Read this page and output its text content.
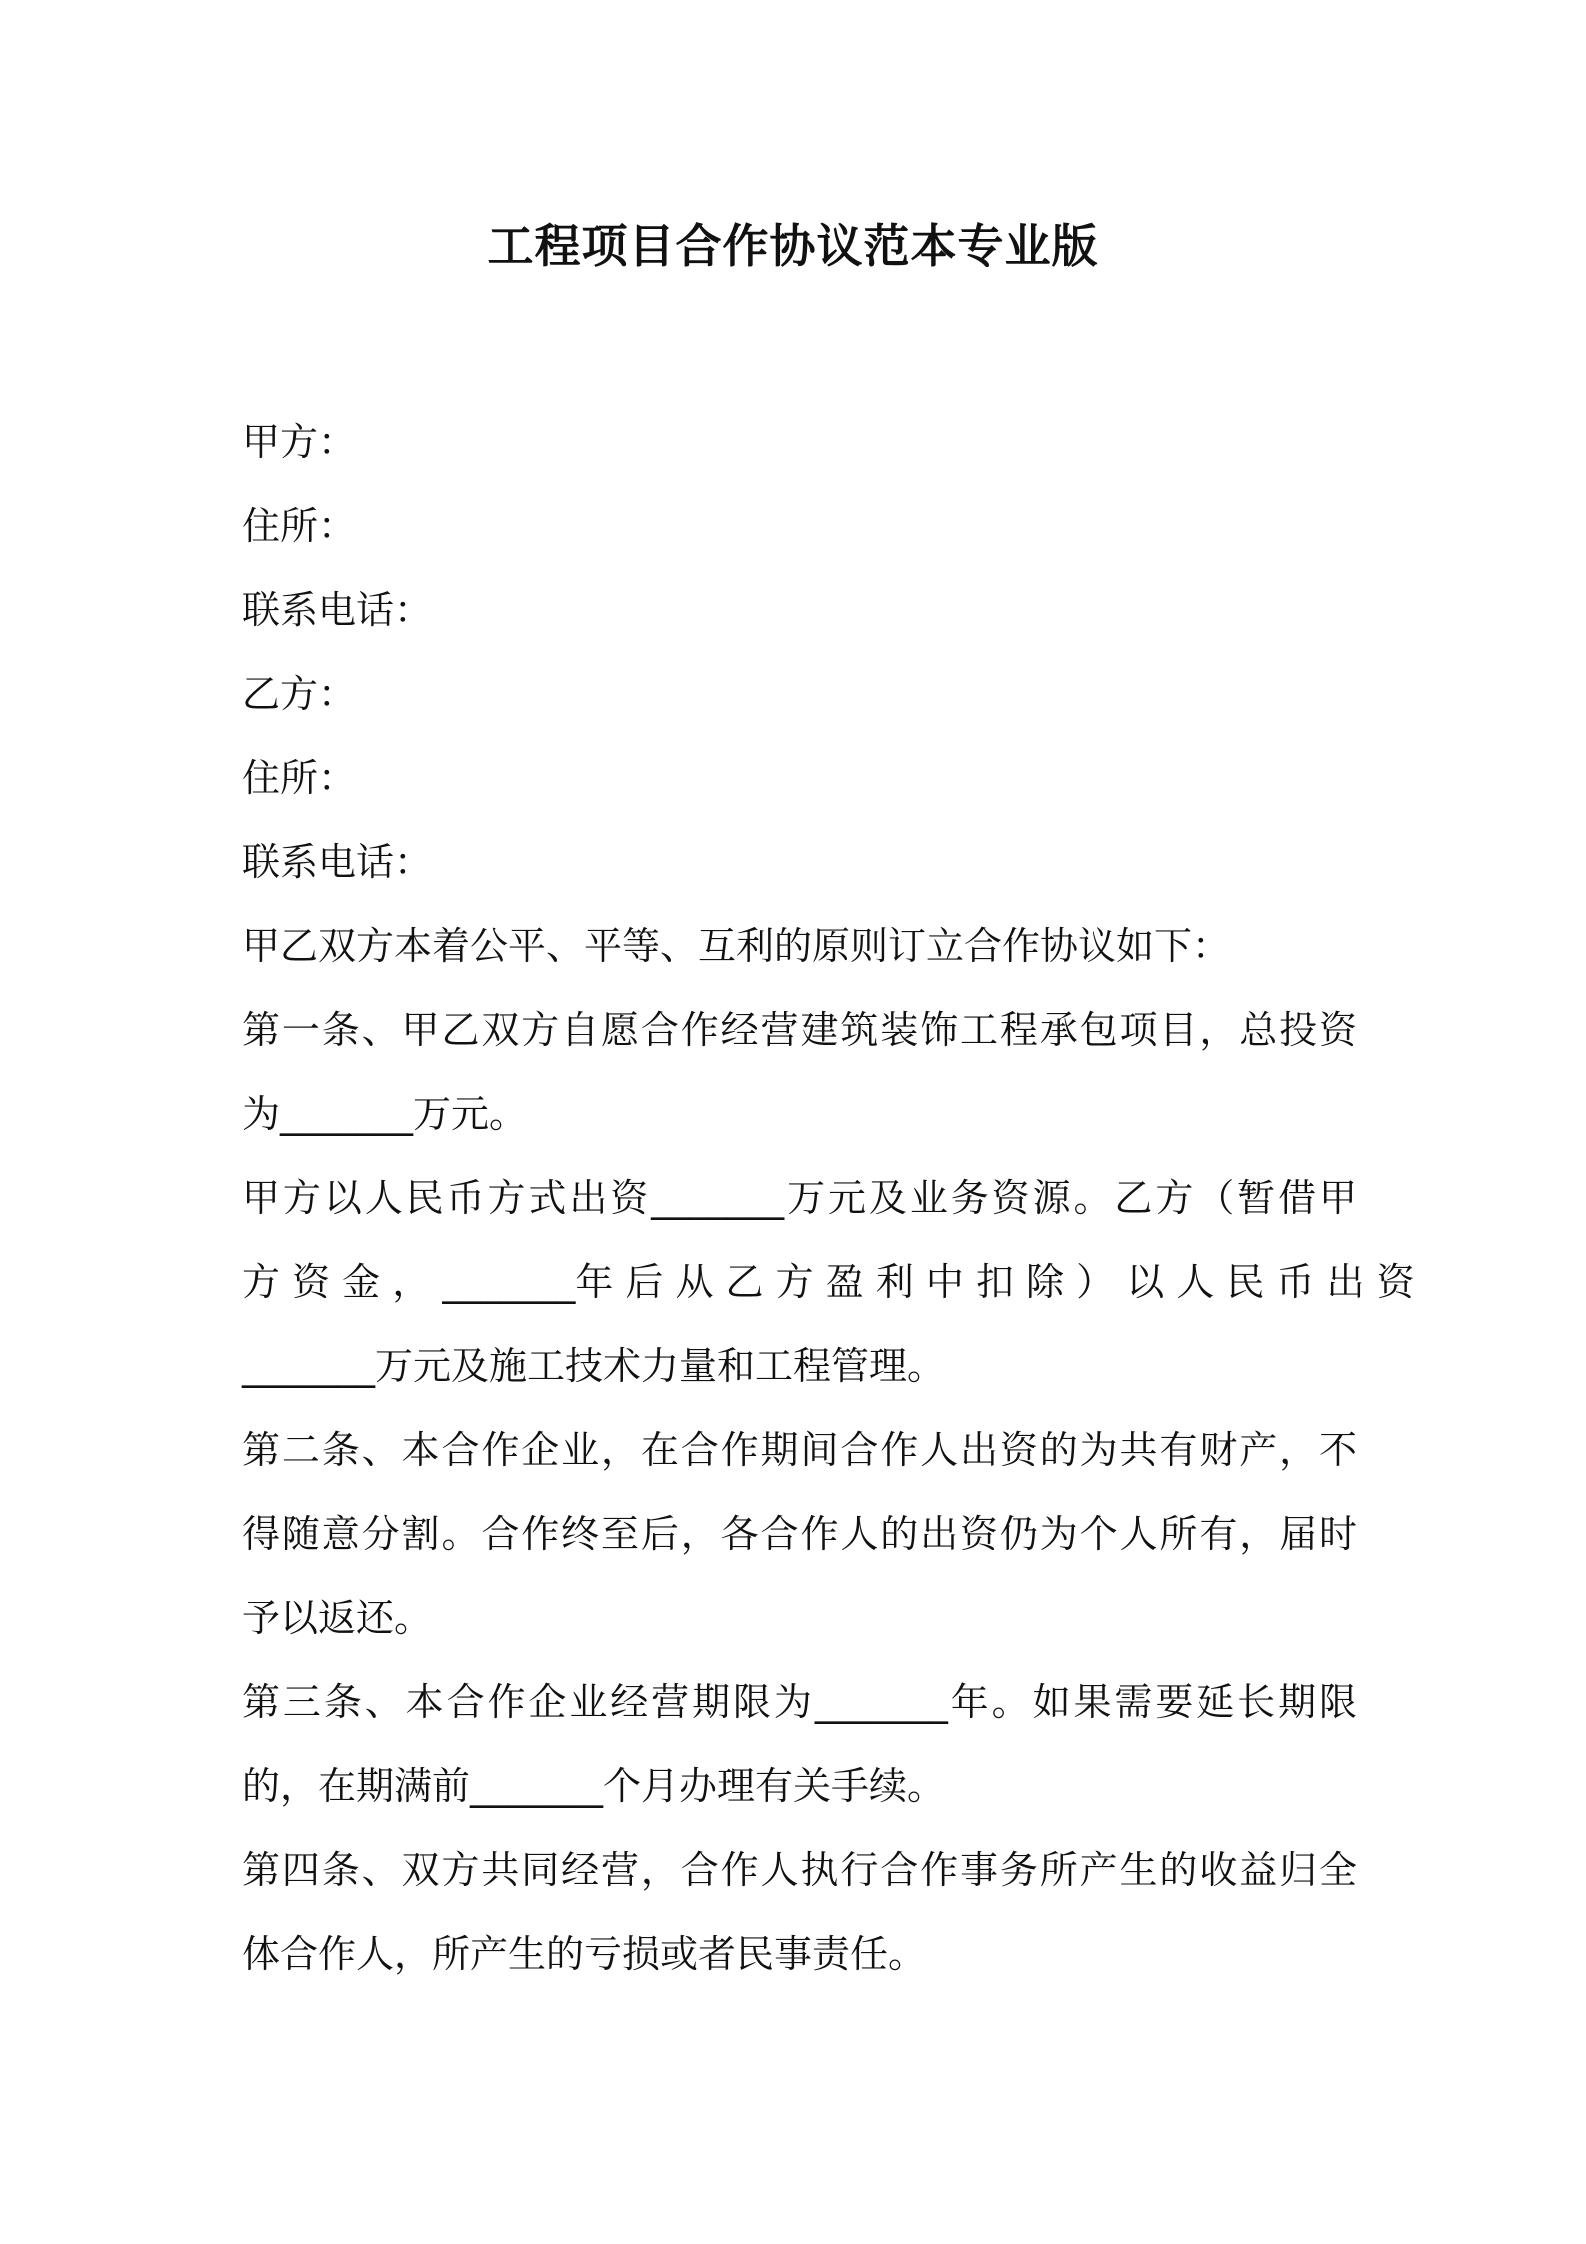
工程项目合作协议范本专业版
甲方：
住所：
联系电话：
乙方：
住所：
联系电话：
甲乙双方本着公平、平等、互利的原则订立合作协议如下：
第一条、甲乙双方自愿合作经营建筑装饰工程承包项目，总投资
为_______万元。
甲方以人民币方式出资_______万元及业务资源。乙方（暂借甲
方 资 金 ， _______年 后 从 乙 方 盈 利 中 扣 除 ） 以 人 民 币 出 资
_______万元及施工技术力量和工程管理。
第二条、本合作企业，在合作期间合作人出资的为共有财产，不
得随意分割。合作终至后，各合作人的出资仍为个人所有，届时
予以返还。
第三条、本合作企业经营期限为_______年。如果需要延长期限
的，在期满前_______个月办理有关手续。
第四条、双方共同经营，合作人执行合作事务所产生的收益归全
体合作人，所产生的亏损或者民事责任。
